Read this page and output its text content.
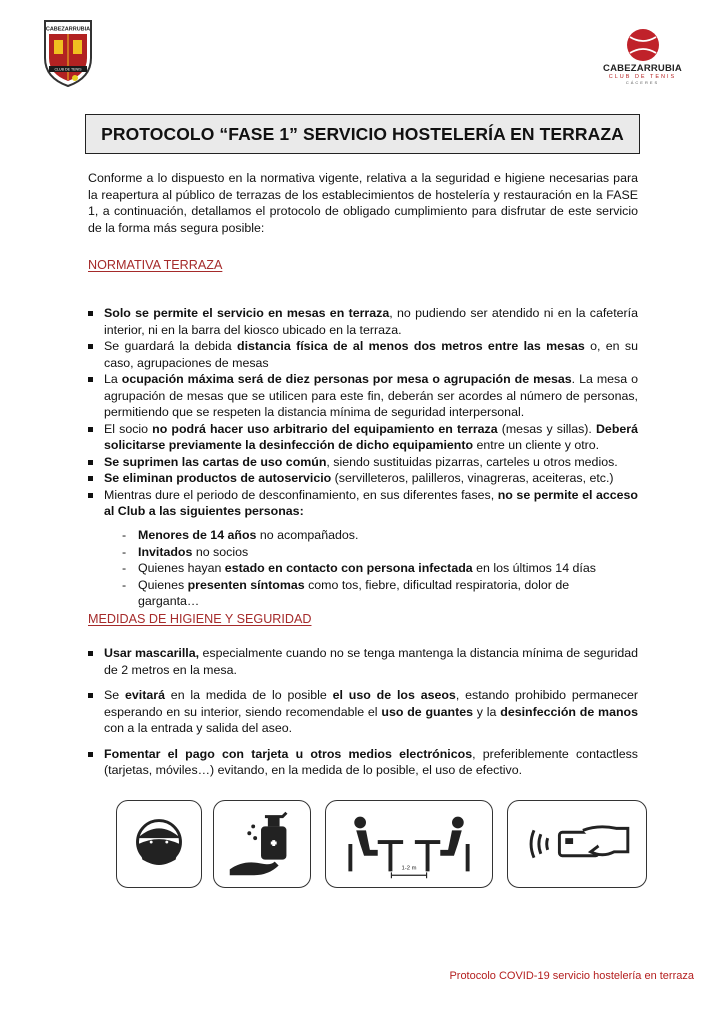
CABEZARRUBIA
CLUB DE TENIS	CABEZARRUBIA
CLUB DE TENIS
CÁCERES
PROTOCOLO “FASE 1” SERVICIO HOSTELERÍA EN TERRAZA
Conforme a lo dispuesto en la normativa vigente, relativa a la seguridad e higiene necesarias para la reapertura al público de terrazas de los establecimientos de hostelería y restauración en la FASE 1, a continuación, detallamos el protocolo de obligado cumplimiento para disfrutar de este servicio de la forma más segura posible:
NORMATIVA TERRAZA
Solo se permite el servicio en mesas en terraza, no pudiendo ser atendido ni en la cafetería interior, ni en la barra del kiosco ubicado en la terraza.
Se guardará la debida distancia física de al menos dos metros entre las mesas o, en su caso, agrupaciones de mesas
La ocupación máxima será de diez personas por mesa o agrupación de mesas. La mesa o agrupación de mesas que se utilicen para este fin, deberán ser acordes al número de personas, permitiendo que se respeten la distancia mínima de seguridad interpersonal.
El socio no podrá hacer uso arbitrario del equipamiento en terraza (mesas y sillas). Deberá solicitarse previamente la desinfección de dicho equipamiento entre un cliente y otro.
Se suprimen las cartas de uso común, siendo sustituidas pizarras, carteles u otros medios.
Se eliminan productos de autoservicio (servilleteros, palilleros, vinagreras, aceiteras, etc.)
Mientras dure el periodo de desconfinamiento, en sus diferentes fases, no se permite el acceso al Club a las siguientes personas:
- Menores de 14 años no acompañados.
- Invitados no socios
- Quienes hayan estado en contacto con persona infectada en los últimos 14 días
- Quienes presenten síntomas como tos, fiebre, dificultad respiratoria, dolor de garganta…
MEDIDAS DE HIGIENE Y SEGURIDAD
Usar mascarilla, especialmente cuando no se tenga mantenga la distancia mínima de seguridad de 2 metros en la mesa.
Se evitará en la medida de lo posible el uso de los aseos, estando prohibido permanecer esperando en su interior, siendo recomendable el uso de guantes y la desinfección de manos con a la entrada y salida del aseo.
Fomentar el pago con tarjeta u otros medios electrónicos, preferiblemente contactless (tarjetas, móviles…) evitando, en la medida de lo posible, el uso de efectivo.
1-2 m
Protocolo COVID-19 servicio hostelería en terraza
